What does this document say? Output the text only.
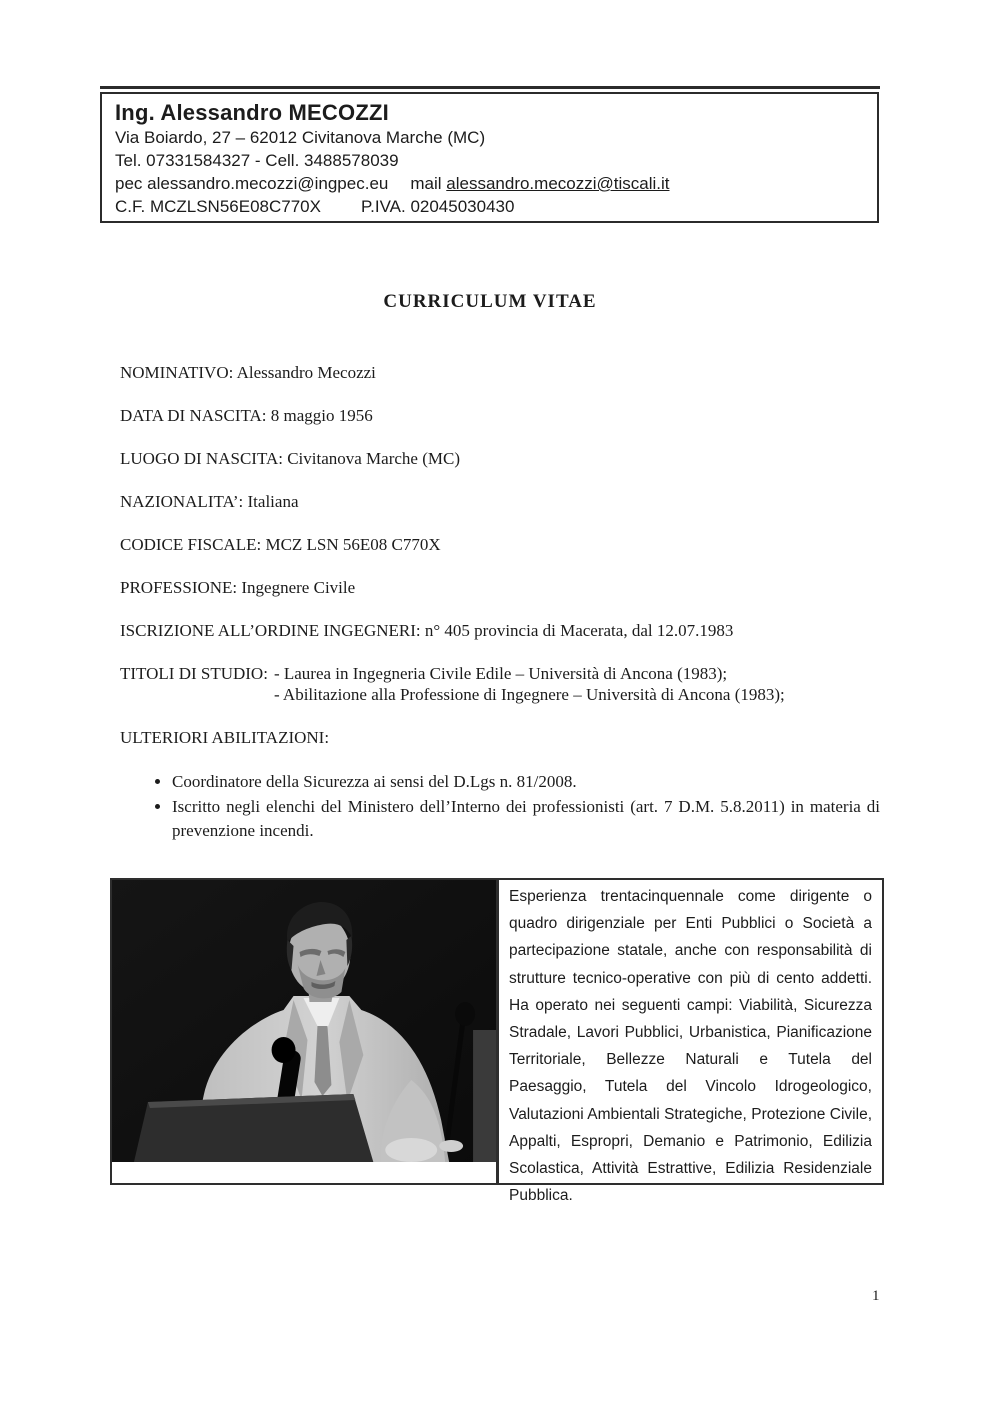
Ing. Alessandro MECOZZI
Via Boiardo, 27 – 62012 Civitanova Marche (MC)
Tel. 07331584327 - Cell. 3488578039
pec alessandro.mecozzi@ingpec.eu mail alessandro.mecozzi@tiscali.it
C.F. MCZLSN56E08C770X P.IVA. 02045030430
CURRICULUM VITAE

NOMINATIVO: Alessandro Mecozzi

DATA DI NASCITA: 8 maggio 1956

LUOGO DI NASCITA: Civitanova Marche (MC)

NAZIONALITA’: Italiana

CODICE FISCALE: MCZ LSN 56E08 C770X

PROFESSIONE: Ingegnere Civile

ISCRIZIONE ALL’ORDINE INGEGNERI: n° 405 provincia di Macerata, dal 12.07.1983

TITOLI DI STUDIO: - Laurea in Ingegneria Civile Edile – Università di Ancona (1983);
- Abilitazione alla Professione di Ingegnere – Università di Ancona (1983);

ULTERIORI ABILITAZIONI:

• Coordinatore della Sicurezza ai sensi del D.Lgs n. 81/2008.
• Iscritto negli elenchi del Ministero dell’Interno dei professionisti (art. 7 D.M. 5.8.2011) in materia di prevenzione incendi.

Esperienza trentacinquennale come dirigente o quadro dirigenziale per Enti Pubblici o Società a partecipazione statale, anche con responsabilità di strutture tecnico-operative con più di cento addetti. Ha operato nei seguenti campi: Viabilità, Sicurezza Stradale, Lavori Pubblici, Urbanistica, Pianificazione Territoriale, Bellezze Naturali e Tutela del Paesaggio, Tutela del Vincolo Idrogeologico, Valutazioni Ambientali Strategiche, Protezione Civile, Appalti, Espropri, Demanio e Patrimonio, Edilizia Scolastica, Attività Estrattive, Edilizia Residenziale Pubblica.

1
